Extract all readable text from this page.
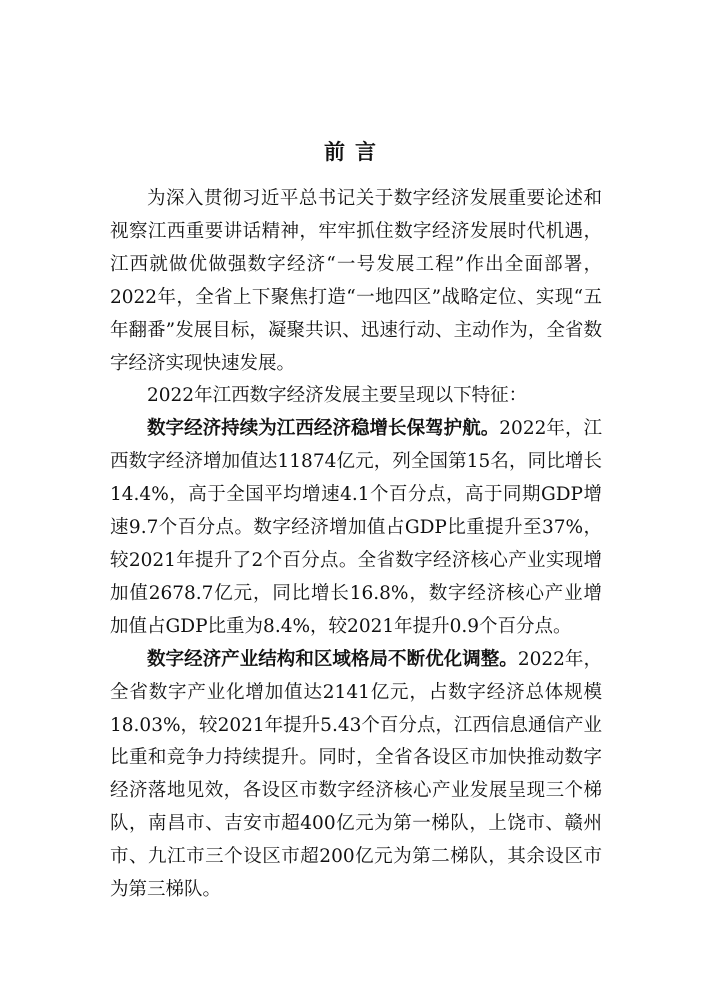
前言

为深入贯彻习近平总书记关于数字经济发展重要论述和视察江西重要讲话精神，牢牢抓住数字经济发展时代机遇，江西就做优做强数字经济“一号发展工程”作出全面部署，2022年，全省上下聚焦打造“一地四区”战略定位、实现“五年翻番”发展目标，凝聚共识、迅速行动、主动作为，全省数字经济实现快速发展。

2022年江西数字经济发展主要呈现以下特征：

数字经济持续为江西经济稳增长保驾护航。2022年，江西数字经济增加值达11874亿元，列全国第15名，同比增长14.4%，高于全国平均增速4.1个百分点，高于同期GDP增速9.7个百分点。数字经济增加值占GDP比重提升至37%，较2021年提升了2个百分点。全省数字经济核心产业实现增加值2678.7亿元，同比增长16.8%，数字经济核心产业增加值占GDP比重为8.4%，较2021年提升0.9个百分点。

数字经济产业结构和区域格局不断优化调整。2022年，全省数字产业化增加值达2141亿元，占数字经济总体规模18.03%，较2021年提升5.43个百分点，江西信息通信产业比重和竞争力持续提升。同时，全省各设区市加快推动数字经济落地见效，各设区市数字经济核心产业发展呈现三个梯队，南昌市、吉安市超400亿元为第一梯队，上饶市、赣州市、九江市三个设区市超200亿元为第二梯队，其余设区市为第三梯队。
